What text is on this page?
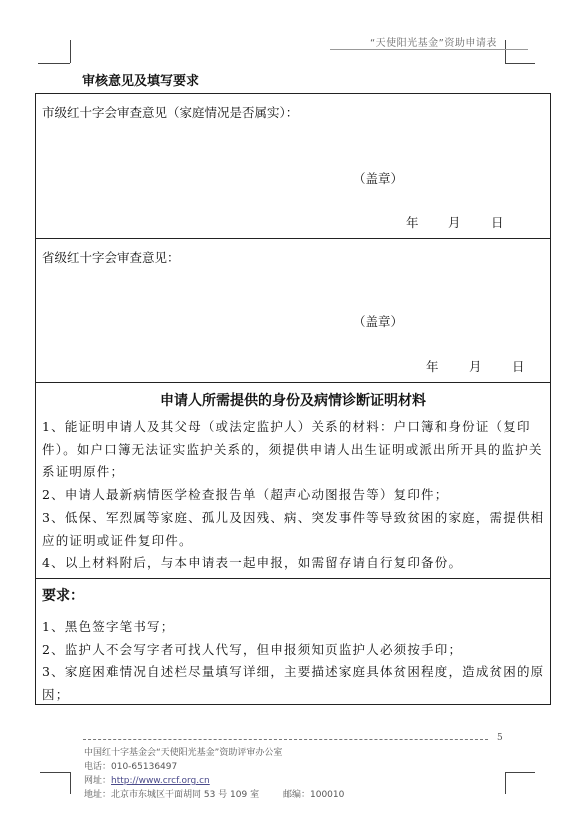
“天使阳光基金”资助申请表
审核意见及填写要求
市级红十字会审查意见（家庭情况是否属实）：
（盖章）
年 月 日
省级红十字会审查意见：
（盖章）
年 月 日
申请人所需提供的身份及病情诊断证明材料
1、能证明申请人及其父母（或法定监护人）关系的材料：户口簿和身份证（复印件）。如户口簿无法证实监护关系的，须提供申请人出生证明或派出所开具的监护关系证明原件；
2、申请人最新病情医学检查报告单（超声心动图报告等）复印件；
3、低保、军烈属等家庭、孤儿及因残、病、突发事件等导致贫困的家庭，需提供相应的证明或证件复印件。
4、以上材料附后，与本申请表一起申报，如需留存请自行复印备份。
要求：
1、黑色签字笔书写；
2、监护人不会写字者可找人代写，但申报须知页监护人必须按手印；
3、家庭困难情况自述栏尽量填写详细，主要描述家庭具体贫困程度，造成贫困的原因；
5
中国红十字基金会“天使阳光基金”资助评审办公室
电话：010-65136497
网址：http://www.crcf.org.cn
地址：北京市东城区干面胡同 53 号 109 室	邮编：100010
